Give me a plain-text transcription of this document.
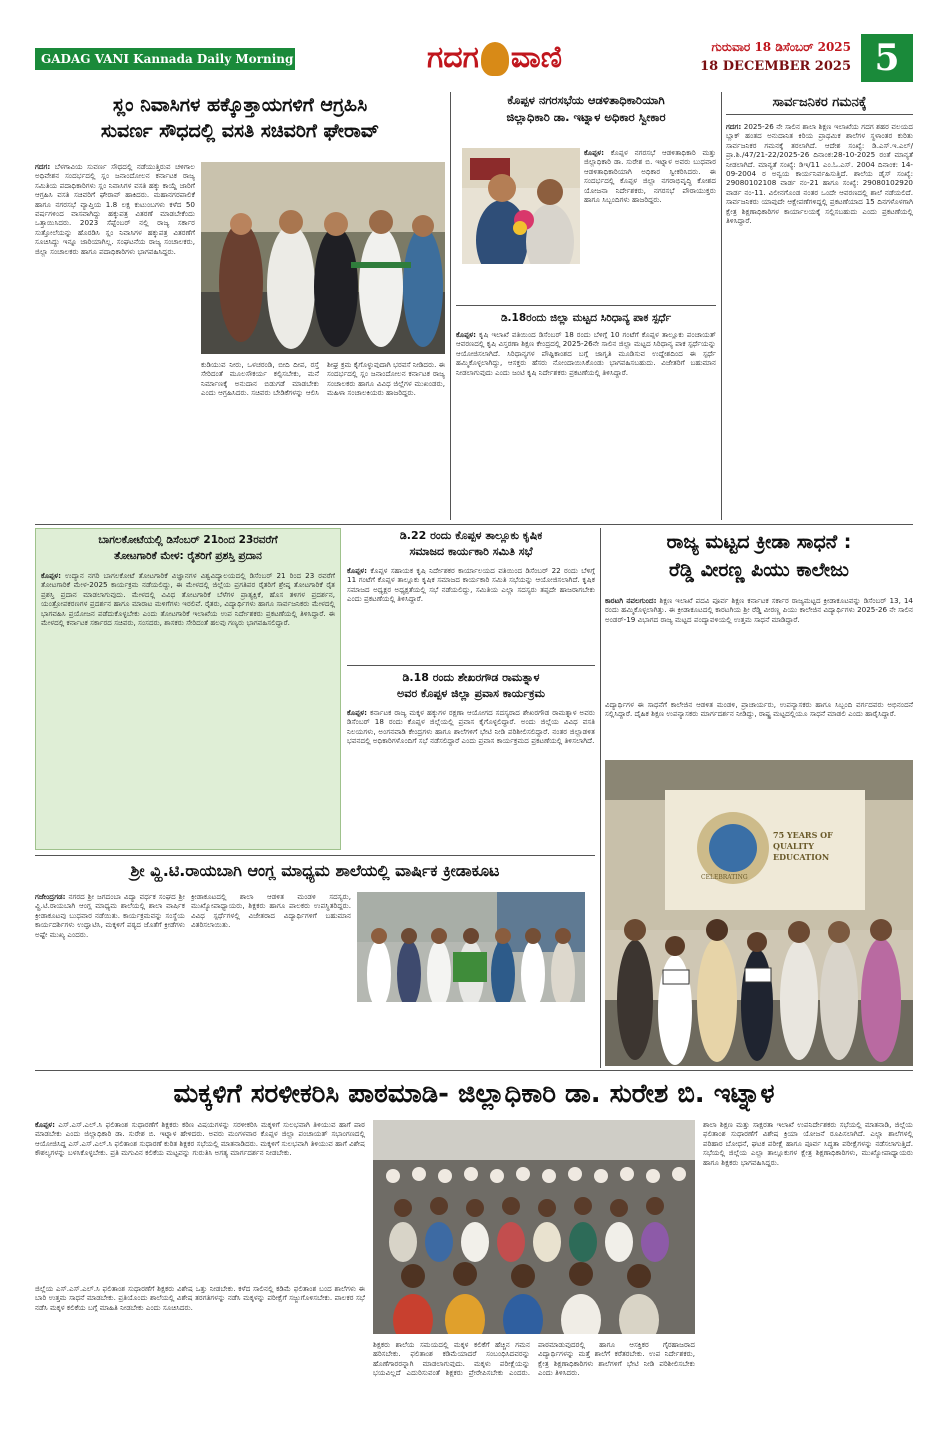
GADAG VANI Kannada Daily Morning	ಗದಗ ವಾಣಿ	ಗುರುವಾರ 18 ಡಿಸೆಂಬರ್ 2025
18 DECEMBER 2025 5
ಸ್ಲಂ ನಿವಾಸಿಗಳ ಹಕ್ಕೊತ್ತಾಯಗಳಿಗೆ ಆಗ್ರಹಿಸಿ
ಸುವರ್ಣ ಸೌಧದಲ್ಲಿ ವಸತಿ ಸಚಿವರಿಗೆ ಘೇರಾವ್
ಗದಗ: ಬೆಳಗಾವಿಯ ಸುವರ್ಣ ಸೌಧದಲ್ಲಿ ನಡೆಯುತ್ತಿರುವ ಚಳಿಗಾಲ ಅಧಿವೇಶನ ಸಂದರ್ಭದಲ್ಲಿ ಸ್ಲಂ ಜನಾಂದೋಲನ ಕರ್ನಾಟಕ ರಾಜ್ಯ ಸಮಿತಿಯ ಪದಾಧಿಕಾರಿಗಳು ಸ್ಲಂ ನಿವಾಸಿಗಳ ವಸತಿ ಹಕ್ಕು ಕಾಯ್ದೆ ಜಾರಿಗೆ ಆಗ್ರಹಿಸಿ ವಸತಿ ಸಚಿವರಿಗೆ ಘೇರಾವ್ ಹಾಕಿದರು. ಮಹಾನಗರಪಾಲಿಕೆ ಹಾಗೂ ನಗರಸಭೆ ವ್ಯಾಪ್ತಿಯ 1.8 ಲಕ್ಷ ಕುಟುಂಬಗಳು ಕಳೆದ 50 ವರ್ಷಗಳಿಂದ ವಾಸವಾಗಿದ್ದು ಹಕ್ಕುಪತ್ರ ವಿತರಣೆ ಮಾಡಬೇಕೆಂದು ಒತ್ತಾಯಿಸಿದರು. 2023 ಸೆಪ್ಟೆಂಬರ್ ನಲ್ಲಿ ರಾಜ್ಯ ಸರ್ಕಾರ ಸುತ್ತೋಲೆಯನ್ನು ಹೊರಡಿಸಿ ಸ್ಲಂ ನಿವಾಸಿಗಳ ಹಕ್ಕುಪತ್ರ ವಿತರಣೆಗೆ ಸೂಚಿಸಿದ್ದು ಇನ್ನೂ ಜಾರಿಯಾಗಿಲ್ಲ. ಸಂಘಟನೆಯ ರಾಜ್ಯ ಸಂಚಾಲಕರು, ಜಿಲ್ಲಾ ಸಂಚಾಲಕರು ಹಾಗೂ ಪದಾಧಿಕಾರಿಗಳು ಭಾಗವಹಿಸಿದ್ದರು.
ಕುಡಿಯುವ ನೀರು, ಒಳಚರಂಡಿ, ಬೀದಿ ದೀಪ, ರಸ್ತೆ ಸೇರಿದಂತೆ ಮೂಲಸೌಕರ್ಯ ಕಲ್ಪಿಸಬೇಕು, ಮನೆ ನಿರ್ಮಾಣಕ್ಕೆ ಅನುದಾನ ಬಿಡುಗಡೆ ಮಾಡಬೇಕು ಎಂದು ಆಗ್ರಹಿಸಿದರು. ಸಚಿವರು ಬೇಡಿಕೆಗಳನ್ನು ಆಲಿಸಿ ಶೀಘ್ರ ಕ್ರಮ ಕೈಗೊಳ್ಳುವುದಾಗಿ ಭರವಸೆ ನೀಡಿದರು. ಈ ಸಂದರ್ಭದಲ್ಲಿ ಸ್ಲಂ ಜನಾಂದೋಲನ ಕರ್ನಾಟಕ ರಾಜ್ಯ ಸಂಚಾಲಕರು ಹಾಗೂ ವಿವಿಧ ಜಿಲ್ಲೆಗಳ ಮುಖಂಡರು, ಮಹಿಳಾ ಸಂಚಾಲಕಿಯರು ಹಾಜರಿದ್ದರು.
ಕೊಪ್ಪಳ ನಗರಸಭೆಯ ಆಡಳಿತಾಧಿಕಾರಿಯಾಗಿ
ಜಿಲ್ಲಾಧಿಕಾರಿ ಡಾ. ಇಟ್ನಾಳ ಅಧಿಕಾರ ಸ್ವೀಕಾರ
ಕೊಪ್ಪಳ: ಕೊಪ್ಪಳ ನಗರಸಭೆ ಆಡಳಿತಾಧಿಕಾರಿ ಮತ್ತು ಜಿಲ್ಲಾಧಿಕಾರಿ ಡಾ. ಸುರೇಶ ಬಿ. ಇಟ್ನಾಳ ಅವರು ಬುಧವಾರ ಆಡಳಿತಾಧಿಕಾರಿಯಾಗಿ ಅಧಿಕಾರ ಸ್ವೀಕರಿಸಿದರು. ಈ ಸಂದರ್ಭದಲ್ಲಿ ಕೊಪ್ಪಳ ಜಿಲ್ಲಾ ನಗರಾಭಿವೃದ್ಧಿ ಕೋಶದ ಯೋಜನಾ ನಿರ್ದೇಶಕರು, ನಗರಸಭೆ ಪೌರಾಯುಕ್ತರು ಹಾಗೂ ಸಿಬ್ಬಂದಿಗಳು ಹಾಜರಿದ್ದರು.
ಡಿ.18ರಂದು ಜಿಲ್ಲಾ ಮಟ್ಟದ ಸಿರಿಧಾನ್ಯ ಪಾಕ ಸ್ಪರ್ಧೆ
ಕೊಪ್ಪಳ: ಕೃಷಿ ಇಲಾಖೆ ವತಿಯಿಂದ ಡಿಸೆಂಬರ್ 18 ರಂದು ಬೆಳಿಗ್ಗೆ 10 ಗಂಟೆಗೆ ಕೊಪ್ಪಳ ತಾಲ್ಲೂಕು ಪಂಚಾಯತ್ ಆವರಣದಲ್ಲಿ ಕೃಷಿ ವಿಸ್ತರಣಾ ಶಿಕ್ಷಣ ಕೇಂದ್ರದಲ್ಲಿ 2025-26ನೇ ಸಾಲಿನ ಜಿಲ್ಲಾ ಮಟ್ಟದ ಸಿರಿಧಾನ್ಯ ಪಾಕ ಸ್ಪರ್ಧೆಯನ್ನು ಆಯೋಜಿಸಲಾಗಿದೆ. ಸಿರಿಧಾನ್ಯಗಳ ಪೌಷ್ಟಿಕಾಂಶದ ಬಗ್ಗೆ ಜಾಗೃತಿ ಮೂಡಿಸುವ ಉದ್ದೇಶದಿಂದ ಈ ಸ್ಪರ್ಧೆ ಹಮ್ಮಿಕೊಳ್ಳಲಾಗಿದ್ದು, ಆಸಕ್ತರು ಹೆಸರು ನೋಂದಾಯಿಸಿಕೊಂಡು ಭಾಗವಹಿಸಬಹುದು. ವಿಜೇತರಿಗೆ ಬಹುಮಾನ ನೀಡಲಾಗುವುದು ಎಂದು ಜಂಟಿ ಕೃಷಿ ನಿರ್ದೇಶಕರು ಪ್ರಕಟಣೆಯಲ್ಲಿ ತಿಳಿಸಿದ್ದಾರೆ.
ಸಾರ್ವಜನಿಕರ ಗಮನಕ್ಕೆ
ಗದಗ: 2025-26 ನೇ ಸಾಲಿನ ಶಾಲಾ ಶಿಕ್ಷಣ ಇಲಾಖೆಯ ಗದಗ ಶಹರ ವಲಯದ ಬ್ಲಾಕ್ ಹಂತದ ಅನುದಾನಿತ ಕಿರಿಯ ಪ್ರಾಥಮಿಕ ಶಾಲೆಗಳ ಸ್ಥಳಾಂತರ ಕುರಿತು ಸಾರ್ವಜನಿಕರ ಗಮನಕ್ಕೆ ತರಲಾಗಿದೆ. ಆದೇಶ ಸಂಖ್ಯೆ: ಡಿ.ಎಸ್.ಇ.ಎಲ್/ಪ್ರಾ.ಶಿ./47/21-22/2025-26 ದಿನಾಂಕ:28-10-2025 ರಂತೆ ಮಾನ್ಯತೆ ನೀಡಲಾಗಿದೆ. ಮಾನ್ಯತೆ ಸಂಖ್ಯೆ: ಡಿಇ/11 ಎಂ.ಓ.ಎಸ್. 2004 ದಿನಾಂಕ: 14-09-2004 ರ ಅನ್ವಯ ಕಾರ್ಯನಿರ್ವಹಿಸುತ್ತಿದೆ. ಶಾಲೆಯ ಡೈಸ್ ಸಂಖ್ಯೆ: 29080102108 ವಾರ್ಡ ನಂ-21 ಹಾಗೂ ಸಂಖ್ಯೆ: 29080102920 ವಾರ್ಡ ನಂ-11. ವಿಲೀನಗೊಂಡ ನಂತರ ಒಂದೇ ಆವರಣದಲ್ಲಿ ಶಾಲೆ ನಡೆಯಲಿದೆ. ಸಾರ್ವಜನಿಕರು ಯಾವುದೇ ಆಕ್ಷೇಪಣೆಗಳಿದ್ದಲ್ಲಿ ಪ್ರಕಟಣೆಯಾದ 15 ದಿನಗಳೊಳಗಾಗಿ ಕ್ಷೇತ್ರ ಶಿಕ್ಷಣಾಧಿಕಾರಿಗಳ ಕಾರ್ಯಾಲಯಕ್ಕೆ ಸಲ್ಲಿಸಬಹುದು ಎಂದು ಪ್ರಕಟಣೆಯಲ್ಲಿ ತಿಳಿಸಿದ್ದಾರೆ.
ಬಾಗಲಕೋಟೆಯಲ್ಲಿ ಡಿಸೆಂಬರ್ 21ರಿಂದ 23ರವರೆಗೆ
ತೋಟಗಾರಿಕೆ ಮೇಳ: ರೈತರಿಗೆ ಪ್ರಶಸ್ತಿ ಪ್ರದಾನ
ಕೊಪ್ಪಳ: ಉದ್ಯಾನ ನಗರಿ ಬಾಗಲಕೋಟೆ ತೋಟಗಾರಿಕೆ ವಿಜ್ಞಾನಗಳ ವಿಶ್ವವಿದ್ಯಾಲಯದಲ್ಲಿ ಡಿಸೆಂಬರ್ 21 ರಿಂದ 23 ರವರೆಗೆ ತೋಟಗಾರಿಕೆ ಮೇಳ-2025 ಕಾರ್ಯಕ್ರಮ ನಡೆಯಲಿದ್ದು, ಈ ಮೇಳದಲ್ಲಿ ಜಿಲ್ಲೆಯ ಪ್ರಗತಿಪರ ರೈತರಿಗೆ ಶ್ರೇಷ್ಠ ತೋಟಗಾರಿಕೆ ರೈತ ಪ್ರಶಸ್ತಿ ಪ್ರದಾನ ಮಾಡಲಾಗುವುದು. ಮೇಳದಲ್ಲಿ ವಿವಿಧ ತೋಟಗಾರಿಕೆ ಬೆಳೆಗಳ ಪ್ರಾತ್ಯಕ್ಷಿಕೆ, ಹೊಸ ತಳಿಗಳ ಪ್ರದರ್ಶನ, ಯಂತ್ರೋಪಕರಣಗಳ ಪ್ರದರ್ಶನ ಹಾಗೂ ಮಾರಾಟ ಮಳಿಗೆಗಳು ಇರಲಿವೆ. ರೈತರು, ವಿದ್ಯಾರ್ಥಿಗಳು ಹಾಗೂ ಸಾರ್ವಜನಿಕರು ಮೇಳದಲ್ಲಿ ಭಾಗವಹಿಸಿ ಪ್ರಯೋಜನ ಪಡೆದುಕೊಳ್ಳಬೇಕು ಎಂದು ತೋಟಗಾರಿಕೆ ಇಲಾಖೆಯ ಉಪ ನಿರ್ದೇಶಕರು ಪ್ರಕಟಣೆಯಲ್ಲಿ ತಿಳಿಸಿದ್ದಾರೆ. ಈ ಮೇಳದಲ್ಲಿ ಕರ್ನಾಟಕ ಸರ್ಕಾರದ ಸಚಿವರು, ಸಂಸದರು, ಶಾಸಕರು ಸೇರಿದಂತೆ ಹಲವು ಗಣ್ಯರು ಭಾಗವಹಿಸಲಿದ್ದಾರೆ.
ಡಿ.22 ರಂದು ಕೊಪ್ಪಳ ತಾಲ್ಲೂಕು ಕೃಷಿಕ
ಸಮಾಜದ ಕಾರ್ಯಕಾರಿ ಸಮಿತಿ ಸಭೆ
ಕೊಪ್ಪಳ: ಕೊಪ್ಪಳ ಸಹಾಯಕ ಕೃಷಿ ನಿರ್ದೇಶಕರ ಕಾರ್ಯಾಲಯದ ವತಿಯಿಂದ ಡಿಸೆಂಬರ್ 22 ರಂದು ಬೆಳಿಗ್ಗೆ 11 ಗಂಟೆಗೆ ಕೊಪ್ಪಳ ತಾಲ್ಲೂಕು ಕೃಷಿಕ ಸಮಾಜದ ಕಾರ್ಯಕಾರಿ ಸಮಿತಿ ಸಭೆಯನ್ನು ಆಯೋಜಿಸಲಾಗಿದೆ. ಕೃಷಿಕ ಸಮಾಜದ ಅಧ್ಯಕ್ಷರ ಅಧ್ಯಕ್ಷತೆಯಲ್ಲಿ ಸಭೆ ನಡೆಯಲಿದ್ದು, ಸಮಿತಿಯ ಎಲ್ಲಾ ಸದಸ್ಯರು ತಪ್ಪದೇ ಹಾಜರಾಗಬೇಕು ಎಂದು ಪ್ರಕಟಣೆಯಲ್ಲಿ ತಿಳಿಸಿದ್ದಾರೆ.
ಡಿ.18 ರಂದು ಶೇಖರಗೌಡ ರಾಮತ್ನಾಳ
ಅವರ ಕೊಪ್ಪಳ ಜಿಲ್ಲಾ ಪ್ರವಾಸ ಕಾರ್ಯಕ್ರಮ
ಕೊಪ್ಪಳ: ಕರ್ನಾಟಕ ರಾಜ್ಯ ಮಕ್ಕಳ ಹಕ್ಕುಗಳ ರಕ್ಷಣಾ ಆಯೋಗದ ಸದಸ್ಯರಾದ ಶೇಖರಗೌಡ ರಾಮತ್ನಾಳ ಅವರು ಡಿಸೆಂಬರ್ 18 ರಂದು ಕೊಪ್ಪಳ ಜಿಲ್ಲೆಯಲ್ಲಿ ಪ್ರವಾಸ ಕೈಗೊಳ್ಳಲಿದ್ದಾರೆ. ಅಂದು ಜಿಲ್ಲೆಯ ವಿವಿಧ ವಸತಿ ನಿಲಯಗಳು, ಅಂಗನವಾಡಿ ಕೇಂದ್ರಗಳು ಹಾಗೂ ಶಾಲೆಗಳಿಗೆ ಭೇಟಿ ನೀಡಿ ಪರಿಶೀಲಿಸಲಿದ್ದಾರೆ. ನಂತರ ಜಿಲ್ಲಾಡಳಿತ ಭವನದಲ್ಲಿ ಅಧಿಕಾರಿಗಳೊಂದಿಗೆ ಸಭೆ ನಡೆಸಲಿದ್ದಾರೆ ಎಂದು ಪ್ರವಾಸ ಕಾರ್ಯಕ್ರಮದ ಪ್ರಕಟಣೆಯಲ್ಲಿ ತಿಳಿಸಲಾಗಿದೆ.
ರಾಜ್ಯ ಮಟ್ಟದ ಕ್ರೀಡಾ ಸಾಧನೆ :
ರೆಡ್ಡಿ ವೀರಣ್ಣ ಪಿಯು ಕಾಲೇಜು
ಕಾರಟಗಿ ನವಲಗುಂದ: ಶಿಕ್ಷಣ ಇಲಾಖೆ ಪದವಿ ಪೂರ್ವ ಶಿಕ್ಷಣ ಕರ್ನಾಟಕ ಸರ್ಕಾರ ರಾಜ್ಯಮಟ್ಟದ ಕ್ರೀಡಾಕೂಟವನ್ನು ಡಿಸೆಂಬರ್ 13, 14 ರಂದು ಹಮ್ಮಿಕೊಳ್ಳಲಾಗಿತ್ತು. ಈ ಕ್ರೀಡಾಕೂಟದಲ್ಲಿ ಕಾರಟಗಿಯ ಶ್ರೀ ರೆಡ್ಡಿ ವೀರಣ್ಣ ಪಿಯು ಕಾಲೇಜಿನ ವಿದ್ಯಾರ್ಥಿಗಳು 2025-26 ನೇ ಸಾಲಿನ ಅಂಡರ್-19 ವಿಭಾಗದ ರಾಜ್ಯ ಮಟ್ಟದ ಪಂದ್ಯಾವಳಿಯಲ್ಲಿ ಉತ್ತಮ ಸಾಧನೆ ಮಾಡಿದ್ದಾರೆ.
ವಿದ್ಯಾರ್ಥಿಗಳ ಈ ಸಾಧನೆಗೆ ಕಾಲೇಜಿನ ಆಡಳಿತ ಮಂಡಳಿ, ಪ್ರಾಚಾರ್ಯರು, ಉಪನ್ಯಾಸಕರು ಹಾಗೂ ಸಿಬ್ಬಂದಿ ವರ್ಗದವರು ಅಭಿನಂದನೆ ಸಲ್ಲಿಸಿದ್ದಾರೆ. ದೈಹಿಕ ಶಿಕ್ಷಣ ಉಪನ್ಯಾಸಕರು ಮಾರ್ಗದರ್ಶನ ನೀಡಿದ್ದು, ರಾಷ್ಟ್ರ ಮಟ್ಟದಲ್ಲಿಯೂ ಸಾಧನೆ ಮಾಡಲಿ ಎಂದು ಹಾರೈಸಿದ್ದಾರೆ.
CELEBRATING
75 YEARS OF QUALITY EDUCATION
ಶ್ರೀ ವ್ಹಿ.ಟಿ.ರಾಯಬಾಗಿ ಆಂಗ್ಲ ಮಾಧ್ಯಮ ಶಾಲೆಯಲ್ಲಿ ವಾರ್ಷಿಕ ಕ್ರೀಡಾಕೂಟ
ಗಜೇಂದ್ರಗಡ: ನಗರದ ಶ್ರೀ ಜಗದಂಬಾ ವಿದ್ಯಾ ವರ್ಧಕ ಸಂಘದ ಶ್ರೀ ವ್ಹಿ.ಟಿ.ರಾಯಬಾಗಿ ಆಂಗ್ಲ ಮಾಧ್ಯಮ ಶಾಲೆಯಲ್ಲಿ ಶಾಲಾ ವಾರ್ಷಿಕ ಕ್ರೀಡಾಕೂಟವು ಬುಧವಾರ ನಡೆಯಿತು. ಕಾರ್ಯಕ್ರಮವನ್ನು ಸಂಸ್ಥೆಯ ಕಾರ್ಯದರ್ಶಿಗಳು ಉದ್ಘಾಟಿಸಿ, ಮಕ್ಕಳಿಗೆ ಪಠ್ಯದ ಜೊತೆಗೆ ಕ್ರೀಡೆಗಳು ಅಷ್ಟೇ ಮುಖ್ಯ ಎಂದರು.
ಕ್ರೀಡಾಕೂಟದಲ್ಲಿ ಶಾಲಾ ಆಡಳಿತ ಮಂಡಳಿ ಸದಸ್ಯರು, ಮುಖ್ಯೋಪಾಧ್ಯಾಯರು, ಶಿಕ್ಷಕರು ಹಾಗೂ ಪಾಲಕರು ಉಪಸ್ಥಿತರಿದ್ದರು. ವಿವಿಧ ಸ್ಪರ್ಧೆಗಳಲ್ಲಿ ವಿಜೇತರಾದ ವಿದ್ಯಾರ್ಥಿಗಳಿಗೆ ಬಹುಮಾನ ವಿತರಿಸಲಾಯಿತು.
ಮಕ್ಕಳಿಗೆ ಸರಳೀಕರಿಸಿ ಪಾಠಮಾಡಿ- ಜಿಲ್ಲಾಧಿಕಾರಿ ಡಾ. ಸುರೇಶ ಬಿ. ಇಟ್ನಾಳ
ಕೊಪ್ಪಳ: ಎಸ್.ಎಸ್.ಎಲ್.ಸಿ ಫಲಿತಾಂಶ ಸುಧಾರಣೆಗೆ ಶಿಕ್ಷಕರು ಕಠಿಣ ವಿಷಯಗಳನ್ನು ಸರಳೀಕರಿಸಿ ಮಕ್ಕಳಿಗೆ ಸುಲಭವಾಗಿ ತಿಳಿಯುವ ಹಾಗೆ ಪಾಠ ಮಾಡಬೇಕು ಎಂದು ಜಿಲ್ಲಾಧಿಕಾರಿ ಡಾ. ಸುರೇಶ ಬಿ. ಇಟ್ನಾಳ ಹೇಳಿದರು. ಅವರು ಮಂಗಳವಾರ ಕೊಪ್ಪಳ ಜಿಲ್ಲಾ ಪಂಚಾಯತ್ ಸಭಾಂಗಣದಲ್ಲಿ ಆಯೋಜಿಸಿದ್ದ ಎಸ್.ಎಸ್.ಎಲ್.ಸಿ ಫಲಿತಾಂಶ ಸುಧಾರಣೆ ಕುರಿತ ಶಿಕ್ಷಕರ ಸಭೆಯಲ್ಲಿ ಮಾತನಾಡಿದರು. ಮಕ್ಕಳಿಗೆ ಸುಲಭವಾಗಿ ತಿಳಿಯುವ ಹಾಗೆ ವಿಶೇಷ ಕೌಶಲ್ಯಗಳನ್ನು ಬಳಸಿಕೊಳ್ಳಬೇಕು. ಪ್ರತಿ ಮಗುವಿನ ಕಲಿಕೆಯ ಮಟ್ಟವನ್ನು ಗುರುತಿಸಿ ಅಗತ್ಯ ಮಾರ್ಗದರ್ಶನ ನೀಡಬೇಕು.
ಜಿಲ್ಲೆಯ ಎಸ್.ಎಸ್.ಎಲ್.ಸಿ ಫಲಿತಾಂಶ ಸುಧಾರಣೆಗೆ ಶಿಕ್ಷಕರು ವಿಶೇಷ ಒತ್ತು ನೀಡಬೇಕು. ಕಳೆದ ಸಾಲಿನಲ್ಲಿ ಕಡಿಮೆ ಫಲಿತಾಂಶ ಬಂದ ಶಾಲೆಗಳು ಈ ಬಾರಿ ಉತ್ತಮ ಸಾಧನೆ ಮಾಡಬೇಕು. ಪ್ರತಿಯೊಂದು ಶಾಲೆಯಲ್ಲಿ ವಿಶೇಷ ತರಗತಿಗಳನ್ನು ನಡೆಸಿ ಮಕ್ಕಳನ್ನು ಪರೀಕ್ಷೆಗೆ ಸಜ್ಜುಗೊಳಿಸಬೇಕು. ಪಾಲಕರ ಸಭೆ ನಡೆಸಿ ಮಕ್ಕಳ ಕಲಿಕೆಯ ಬಗ್ಗೆ ಮಾಹಿತಿ ನೀಡಬೇಕು ಎಂದು ಸೂಚಿಸಿದರು.
ಶಿಕ್ಷಕರು ಶಾಲೆಯ ಸಮಯದಲ್ಲಿ ಮಕ್ಕಳ ಕಲಿಕೆಗೆ ಹೆಚ್ಚಿನ ಗಮನ ಹರಿಸಬೇಕು. ಫಲಿತಾಂಶ ಕಡಿಮೆಯಾದರೆ ಸಂಬಂಧಿಸಿದವರನ್ನು ಹೊಣೆಗಾರರನ್ನಾಗಿ ಮಾಡಲಾಗುವುದು. ಮಕ್ಕಳು ಪರೀಕ್ಷೆಯನ್ನು ಭಯವಿಲ್ಲದೆ ಎದುರಿಸುವಂತೆ ಶಿಕ್ಷಕರು ಪ್ರೇರೇಪಿಸಬೇಕು ಎಂದರು. ಪಾಠಮಾಡುವುದರಲ್ಲಿ ಹಾಗೂ ಆಸಕ್ತಿಕರ ಗೈರಹಾಜರಾದ ವಿದ್ಯಾರ್ಥಿಗಳನ್ನು ಮತ್ತೆ ಶಾಲೆಗೆ ಕರೆತರಬೇಕು. ಉಪ ನಿರ್ದೇಶಕರು, ಕ್ಷೇತ್ರ ಶಿಕ್ಷಣಾಧಿಕಾರಿಗಳು ಶಾಲೆಗಳಿಗೆ ಭೇಟಿ ನೀಡಿ ಪರಿಶೀಲಿಸಬೇಕು ಎಂದು ತಿಳಿಸಿದರು.
ಶಾಲಾ ಶಿಕ್ಷಣ ಮತ್ತು ಸಾಕ್ಷರತಾ ಇಲಾಖೆ ಉಪನಿರ್ದೇಶಕರು ಸಭೆಯಲ್ಲಿ ಮಾತನಾಡಿ, ಜಿಲ್ಲೆಯ ಫಲಿತಾಂಶ ಸುಧಾರಣೆಗೆ ವಿಶೇಷ ಕ್ರಿಯಾ ಯೋಜನೆ ರೂಪಿಸಲಾಗಿದೆ. ಎಲ್ಲಾ ಶಾಲೆಗಳಲ್ಲಿ ಪರಿಹಾರ ಬೋಧನೆ, ಘಟಕ ಪರೀಕ್ಷೆ ಹಾಗೂ ಪೂರ್ವ ಸಿದ್ಧತಾ ಪರೀಕ್ಷೆಗಳನ್ನು ನಡೆಸಲಾಗುತ್ತಿದೆ. ಸಭೆಯಲ್ಲಿ ಜಿಲ್ಲೆಯ ಎಲ್ಲಾ ತಾಲ್ಲೂಕುಗಳ ಕ್ಷೇತ್ರ ಶಿಕ್ಷಣಾಧಿಕಾರಿಗಳು, ಮುಖ್ಯೋಪಾಧ್ಯಾಯರು ಹಾಗೂ ಶಿಕ್ಷಕರು ಭಾಗವಹಿಸಿದ್ದರು.
